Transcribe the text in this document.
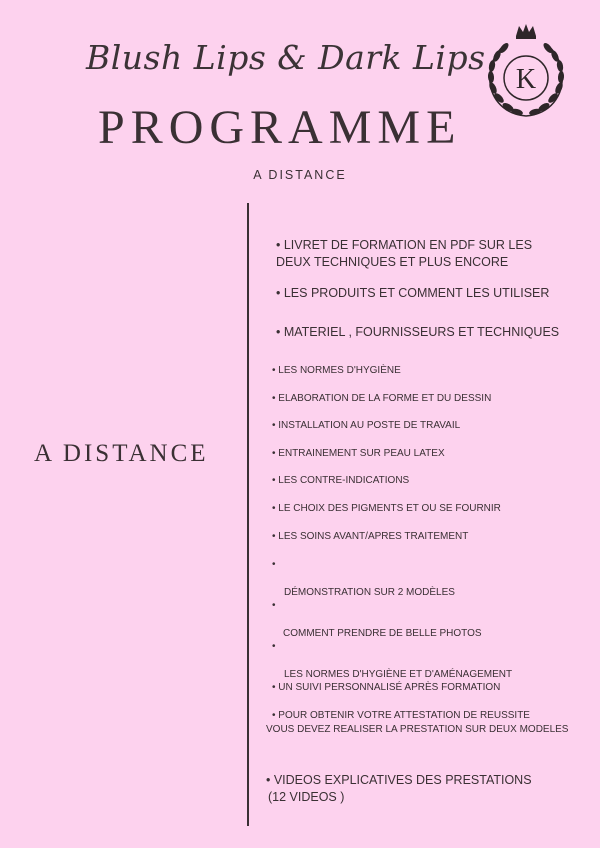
Blush Lips & Dark Lips
PROGRAMME
A DISTANCE
K
A DISTANCE
• LIVRET DE FORMATION EN PDF SUR LES
DEUX TECHNIQUES ET PLUS ENCORE
• LES PRODUITS ET COMMENT LES UTILISER
• MATERIEL , FOURNISSEURS ET TECHNIQUES
• LES NORMES D'HYGIÈNE
• ELABORATION DE LA FORME ET DU DESSIN
• INSTALLATION AU POSTE DE TRAVAIL
• ENTRAINEMENT SUR PEAU LATEX
• LES CONTRE-INDICATIONS
• LE CHOIX DES PIGMENTS ET OU SE FOURNIR
• LES SOINS AVANT/APRES TRAITEMENT
•
DÉMONSTRATION SUR 2 MODÈLES
•
COMMENT PRENDRE DE BELLE PHOTOS
•
LES NORMES D'HYGIÈNE ET D'AMÉNAGEMENT
• UN SUIVI PERSONNALISÉ APRÈS FORMATION
• POUR OBTENIR VOTRE ATTESTATION DE REUSSITE
VOUS DEVEZ REALISER LA PRESTATION SUR DEUX MODELES
• VIDEOS EXPLICATIVES DES PRESTATIONS
(12 VIDEOS )
